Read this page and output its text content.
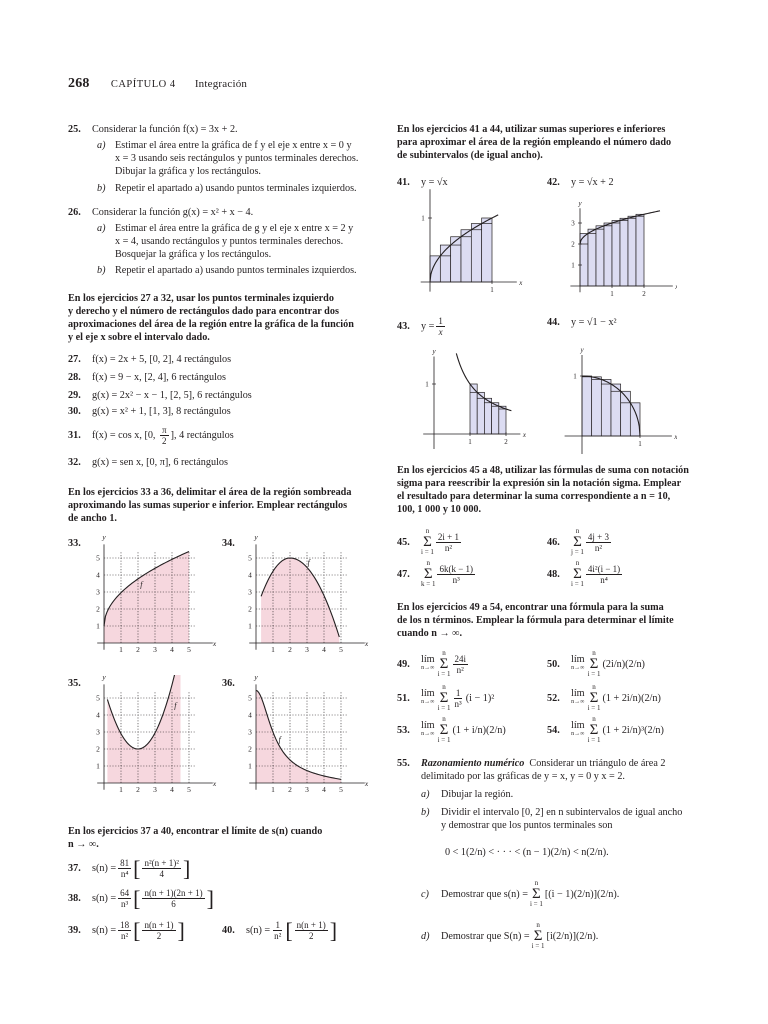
268 CAPÍTULO 4 Integración
25. Considerar la función f(x) = 3x + 2.
a) Estimar el área entre la gráfica de f y el eje x entre x = 0 y
x = 3 usando seis rectángulos y puntos terminales derechos.
Dibujar la gráfica y los rectángulos.
b) Repetir el apartado a) usando puntos terminales izquierdos.
26. Considerar la función g(x) = x² + x − 4.
a) Estimar el área entre la gráfica de g y el eje x entre x = 2 y
x = 4, usando rectángulos y puntos terminales derechos.
Bosquejar la gráfica y los rectángulos.
b) Repetir el apartado a) usando puntos terminales izquierdos.
En los ejercicios 27 a 32, usar los puntos terminales izquierdo
y derecho y el número de rectángulos dado para encontrar dos
aproximaciones del área de la región entre la gráfica de la función
y el eje x sobre el intervalo dado.
27. f(x) = 2x + 5, [0, 2], 4 rectángulos
28. f(x) = 9 − x, [2, 4], 6 rectángulos
29. g(x) = 2x² − x − 1, [2, 5], 6 rectángulos
30. g(x) = x² + 1, [1, 3], 8 rectángulos
31. f(x) = cos x, [0, $\frac{\pi}{2}$ ], 4 rectángulos
32. g(x) = sen x, [0, π], 6 rectángulos
En los ejercicios 33 a 36, delimitar el área de la región sombreada
aproximando las sumas superior e inferior. Emplear rectángulos
de ancho 1.
33.	34.
35.	36.
1
1
2
2
3
3
4
4
5
5
x
y
f
1
1
2
2
3
3
4
4
5
5
x
y
f
1
1
2
2
3
3
4
4
5
5
x
y
f
1
1
2
2
3
3
4
4
5
5
x
y
f
En los ejercicios 37 a 40, encontrar el límite de s(n) cuando
n → ∞.
37.	$s(n) = \frac{81}{\text{n⁴}}$ [ $\frac{\text{n²(n + 1)²}}{4}$ ]
38.	$s(n) = \frac{64}{\text{n³}}$ [ $\frac{n(n + 1)(2n + 1)}{6}$ ]
39.	$s(n) = \frac{18}{\text{n²}}$ [ $\frac{n(n + 1)}{2}$ ]	40.	$s(n) = \frac{1}{\text{n²}}$ [ $\frac{n(n + 1)}{2}$ ]
En los ejercicios 41 a 44, utilizar sumas superiores e inferiores
para aproximar el área de la región empleando el número dado
de subintervalos (de igual ancho).
41. y = √x	42. y = √x + 2
x
1
1
y
1	2
1
2
3
43.	$y = \frac{1}{x}$	44. y = √1 − x²
x
y
1	2
1
y
1
1
En los ejercicios 45 a 48, utilizar las fórmulas de suma con notación
sigma para reescribir la expresión sin la notación sigma. Emplear
el resultado para determinar la suma correspondiente a n = 10,
100, 1 000 y 10 000.
45.
n
Σ
$i = 1 \frac{2i + 1}{\text{n²}}$	46.
n
Σ
$j = 1 \frac{4j + 3}{\text{n²}}$
47.
n
Σ
$k = 1 \frac{6k(k - 1)}{\text{n³}}$	48.
n
Σ
$i = 1 \frac{\text{4i²(i − 1)}}{\text{n⁴}}$
En los ejercicios 49 a 54, encontrar una fórmula para la suma
de los n términos. Emplear la fórmula para determinar el límite
cuando n → ∞.
49.	lím
n→∞
n
Σ
$i = 1 \frac{24i}{\text{n²}}$	50.	lím
n→∞
n
Σ
i = 1
(2i/n)(2/n)
51.	lím
n→∞
n
Σ
$i = 1 \frac{1}{\text{n³}} (i - 1)^2$	52.	lím
n→∞
n
Σ
i = 1
(1 + 2i/n)(2/n)
53.	lím
n→∞
n
Σ
i = 1
(1 + i/n)(2/n)	54.	lím
n→∞
n
Σ
i = 1
(1 + 2i/n)³(2/n)
55. Razonamiento numérico Considerar un triángulo de área 2
delimitado por las gráficas de y = x, y = 0 y x = 2.
a) Dibujar la región.
b) Dividir el intervalo [0, 2] en n subintervalos de igual ancho
y demostrar que los puntos terminales son
0 < 1(2/n) < · · · < (n − 1)(2/n) < n(2/n).
c)	Demostrar que s(n) =
n
Σ
i = 1
[(i − 1)(2/n)](2/n).
d)	Demostrar que S(n) =
n
Σ
i = 1
[i(2/n)](2/n).
